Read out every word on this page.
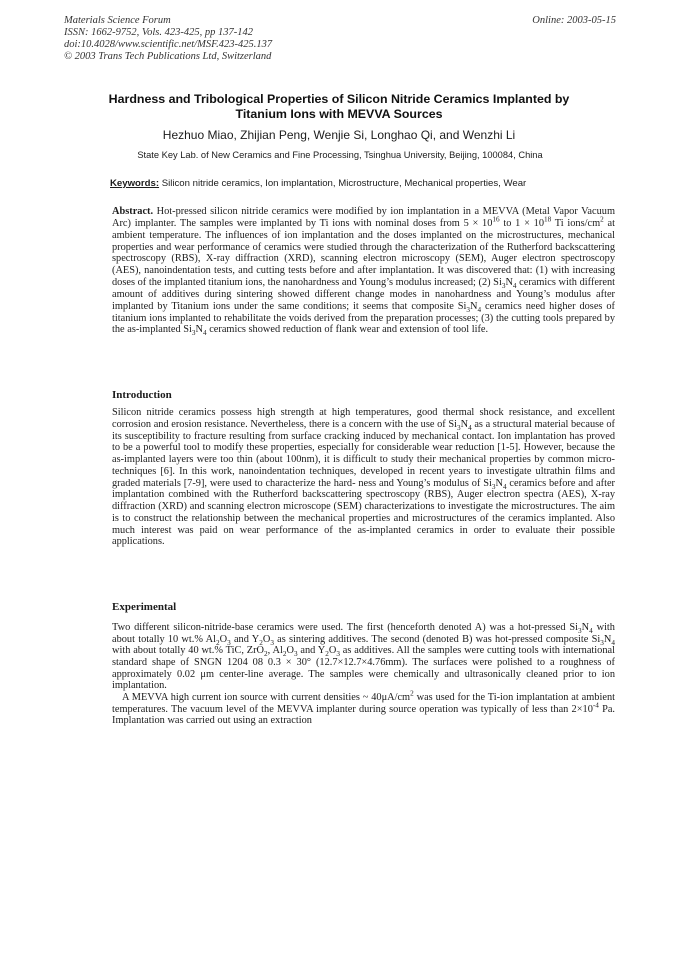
Materials Science Forum
ISSN: 1662-9752, Vols. 423-425, pp 137-142
doi:10.4028/www.scientific.net/MSF.423-425.137
© 2003 Trans Tech Publications Ltd, Switzerland
Online: 2003-05-15
Hardness and Tribological Properties of Silicon Nitride Ceramics Implanted by Titanium Ions with MEVVA Sources
Hezhuo Miao, Zhijian Peng, Wenjie Si, Longhao Qi, and Wenzhi Li
State Key Lab. of New Ceramics and Fine Processing, Tsinghua University, Beijing, 100084, China
Keywords: Silicon nitride ceramics, Ion implantation, Microstructure, Mechanical properties, Wear

Abstract. Hot-pressed silicon nitride ceramics were modified by ion implantation in a MEVVA (Metal Vapor Vacuum Arc) implanter. The samples were implanted by Ti ions with nominal doses from $5 \times 10^{16}$ to $1 \times 10^{18}$ Ti ions/$cm^2$ at ambient temperature. The influences of ion implantation and the doses implanted on the microstructures, mechanical properties and wear performance of ceramics were studied through the characterization of the Rutherford backscattering spectroscopy (RBS), X-ray diffraction (XRD), scanning electron microscopy (SEM), Auger electron spectroscopy (AES), nanoindentation tests, and cutting tests before and after implantation. It was discovered that: (1) with increasing doses of the implanted titanium ions, the nanohardness and Young’s modulus increased; (2) $Si_3N_4$ ceramics with different amount of additives during sintering showed different change modes in nanohardness and Young’s modulus after implanted by Titanium ions under the same conditions; it seems that composite $Si_3N_4$ ceramics need higher doses of titanium ions implanted to rehabilitate the voids derived from the preparation processes; (3) the cutting tools prepared by the as-implanted $Si_3N_4$ ceramics showed reduction of flank wear and extension of tool life.

Introduction

Silicon nitride ceramics possess high strength at high temperatures, good thermal shock resistance, and excellent corrosion and erosion resistance. Nevertheless, there is a concern with the use of $Si_3N_4$ as a structural material because of its susceptibility to fracture resulting from surface cracking induced by mechanical contact. Ion implantation has proved to be a powerful tool to modify these properties, especially for considerable wear reduction [1-5]. However, because the as-implanted layers were too thin (about 100nm), it is difficult to study their mechanical properties by common micro-techniques [6]. In this work, nanoindentation techniques, developed in recent years to investigate ultrathin films and graded materials [7-9], were used to characterize the hard- ness and Young’s modulus of $Si_3N_4$ ceramics before and after implantation combined with the Rutherford backscattering spectroscopy (RBS), Auger electron spectra (AES), X-ray diffraction (XRD) and scanning electron microscope (SEM) characterizations to investigate the microstructures. The aim is to construct the relationship between the mechanical properties and microstructures of the ceramics implanted. Also much interest was paid on wear performance of the as-implanted ceramics in order to evaluate their possible applications.

Experimental

Two different silicon-nitride-base ceramics were used. The first (henceforth denoted A) was a hot-pressed $Si_3N_4$ with about totally 10 wt.% $Al_2O_3$ and $Y_2O_3$ as sintering additives. The second (denoted B) was hot-pressed composite $Si_3N_4$ with about totally 40 wt.% TiC, ZrO$_2$, $Al_2O_3$ and $Y_2O_3$ as additives. All the samples were cutting tools with international standard shape of SNGN 1204 08 0.3 × 30° (12.7×12.7×4.76mm). The surfaces were polished to a roughness of approximately 0.02 μm center-line average. The samples were chemically and ultrasonically cleaned prior to ion implantation.

A MEVVA high current ion source with current densities ~ $40\mu A/cm^2$ was used for the Ti-ion implantation at ambient temperatures. The vacuum level of the MEVVA implanter during source operation was typically of less than $2\times 10^{-4}$ Pa. Implantation was carried out using an extraction
